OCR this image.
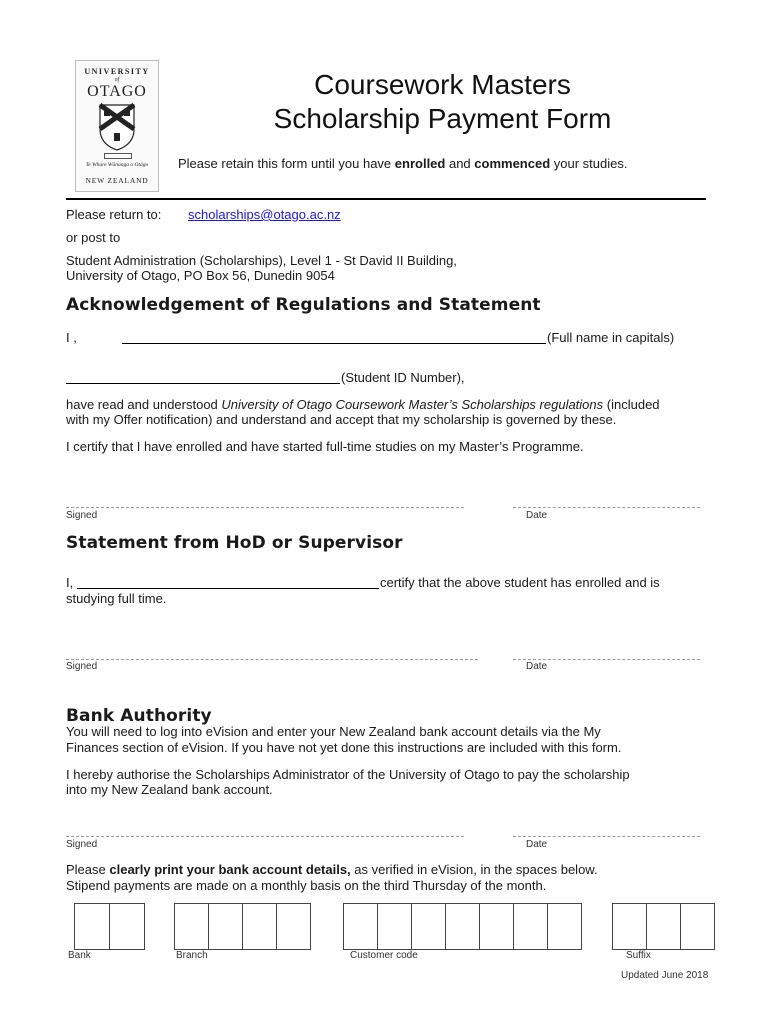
UNIVERSITY
of
OTAGO
Te Whare Wānanga o Otāgo
NEW ZEALAND
Coursework Masters
Scholarship Payment Form
Please retain this form until you have enrolled and commenced your studies.
Please return to: scholarships@otago.ac.nz
or post to
Student Administration (Scholarships), Level 1 - St David II Building,
University of Otago, PO Box 56, Dunedin 9054
Acknowledgement of Regulations and Statement
I ,	(Full name in capitals)
(Student ID Number),
have read and understood University of Otago Coursework Master’s Scholarships regulations (included
with my Offer notification) and understand and accept that my scholarship is governed by these.
I certify that I have enrolled and have started full-time studies on my Master’s Programme.
Signed	Date
Statement from HoD or Supervisor
I,	certify that the above student has enrolled and is
studying full time.
Signed	Date
Bank Authority
You will need to log into eVision and enter your New Zealand bank account details via the My
Finances section of eVision. If you have not yet done this instructions are included with this form.
I hereby authorise the Scholarships Administrator of the University of Otago to pay the scholarship
into my New Zealand bank account.
Signed	Date
Please clearly print your bank account details, as verified in eVision, in the spaces below.
Stipend payments are made on a monthly basis on the third Thursday of the month.
Bank	Branch	Customer code	Suffix
Updated June 2018
